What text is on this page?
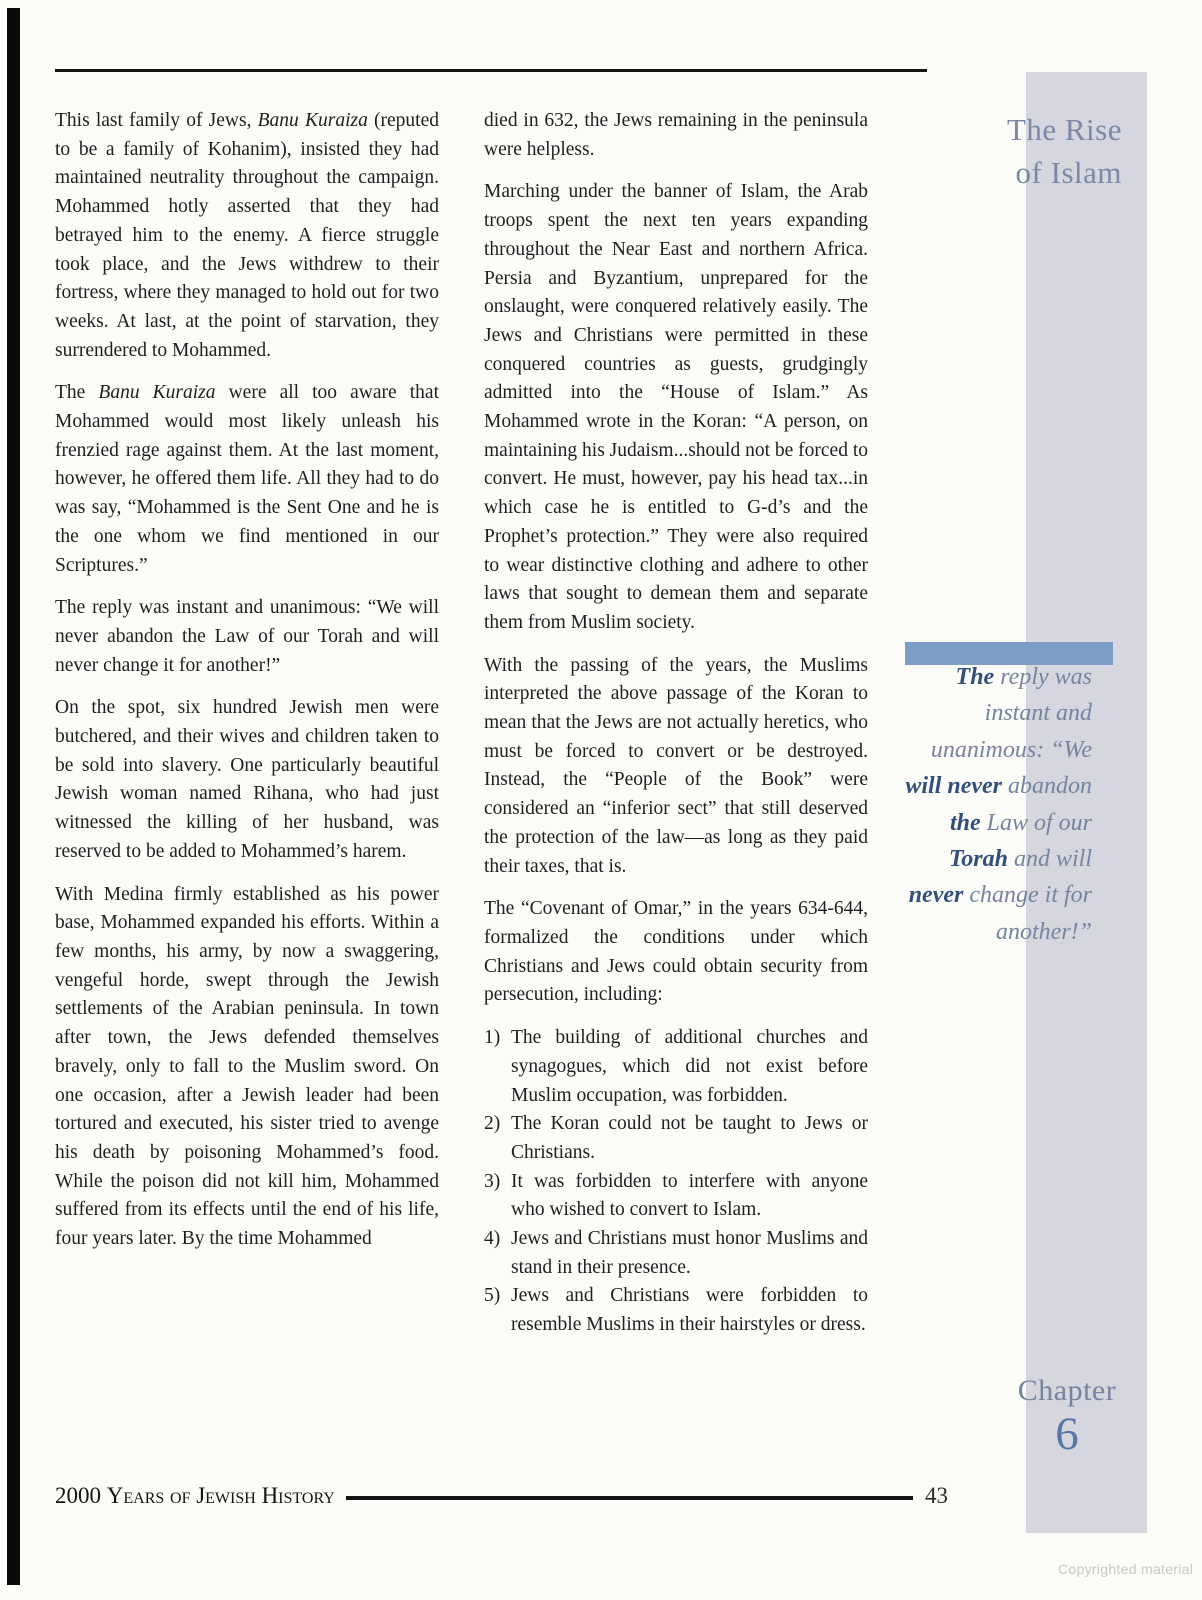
This last family of Jews, Banu Kuraiza (reputed to be a family of Kohanim), insisted they had maintained neutrality throughout the campaign. Mohammed hotly asserted that they had betrayed him to the enemy. A fierce struggle took place, and the Jews withdrew to their fortress, where they managed to hold out for two weeks. At last, at the point of starvation, they surrendered to Mohammed.

The Banu Kuraiza were all too aware that Mohammed would most likely unleash his frenzied rage against them. At the last moment, however, he offered them life. All they had to do was say, “Mohammed is the Sent One and he is the one whom we find mentioned in our Scriptures.”

The reply was instant and unanimous: “We will never abandon the Law of our Torah and will never change it for another!”

On the spot, six hundred Jewish men were butchered, and their wives and children taken to be sold into slavery. One particularly beautiful Jewish woman named Rihana, who had just witnessed the killing of her husband, was reserved to be added to Mohammed’s harem.

With Medina firmly established as his power base, Mohammed expanded his efforts. Within a few months, his army, by now a swaggering, vengeful horde, swept through the Jewish settlements of the Arabian peninsula. In town after town, the Jews defended themselves bravely, only to fall to the Muslim sword. On one occasion, after a Jewish leader had been tortured and executed, his sister tried to avenge his death by poisoning Mohammed’s food. While the poison did not kill him, Mohammed suffered from its effects until the end of his life, four years later. By the time Mohammed

died in 632, the Jews remaining in the peninsula were helpless.

Marching under the banner of Islam, the Arab troops spent the next ten years expanding throughout the Near East and northern Africa. Persia and Byzantium, unprepared for the onslaught, were conquered relatively easily. The Jews and Christians were permitted in these conquered countries as guests, grudgingly admitted into the “House of Islam.” As Mohammed wrote in the Koran: “A person, on maintaining his Judaism...should not be forced to convert. He must, however, pay his head tax...in which case he is entitled to G-d’s and the Prophet’s protection.” They were also required to wear distinctive clothing and adhere to other laws that sought to demean them and separate them from Muslim society.

With the passing of the years, the Muslims interpreted the above passage of the Koran to mean that the Jews are not actually heretics, who must be forced to convert or be destroyed. Instead, the “People of the Book” were considered an “inferior sect” that still deserved the protection of the law—as long as they paid their taxes, that is.

The “Covenant of Omar,” in the years 634-644, formalized the conditions under which Christians and Jews could obtain security from persecution, including:

1) The building of additional churches and synagogues, which did not exist before Muslim occupation, was forbidden.
2) The Koran could not be taught to Jews or Christians.
3) It was forbidden to interfere with anyone who wished to convert to Islam.
4) Jews and Christians must honor Muslims and stand in their presence.
5) Jews and Christians were forbidden to resemble Muslims in their hairstyles or dress.
The Rise
of Islam
The reply was
instant and
unanimous: “We
will never abandon
the Law of our
Torah and will
never change it for
another!”
Chapter
6
2000 Years of Jewish History	43
Copyrighted material
